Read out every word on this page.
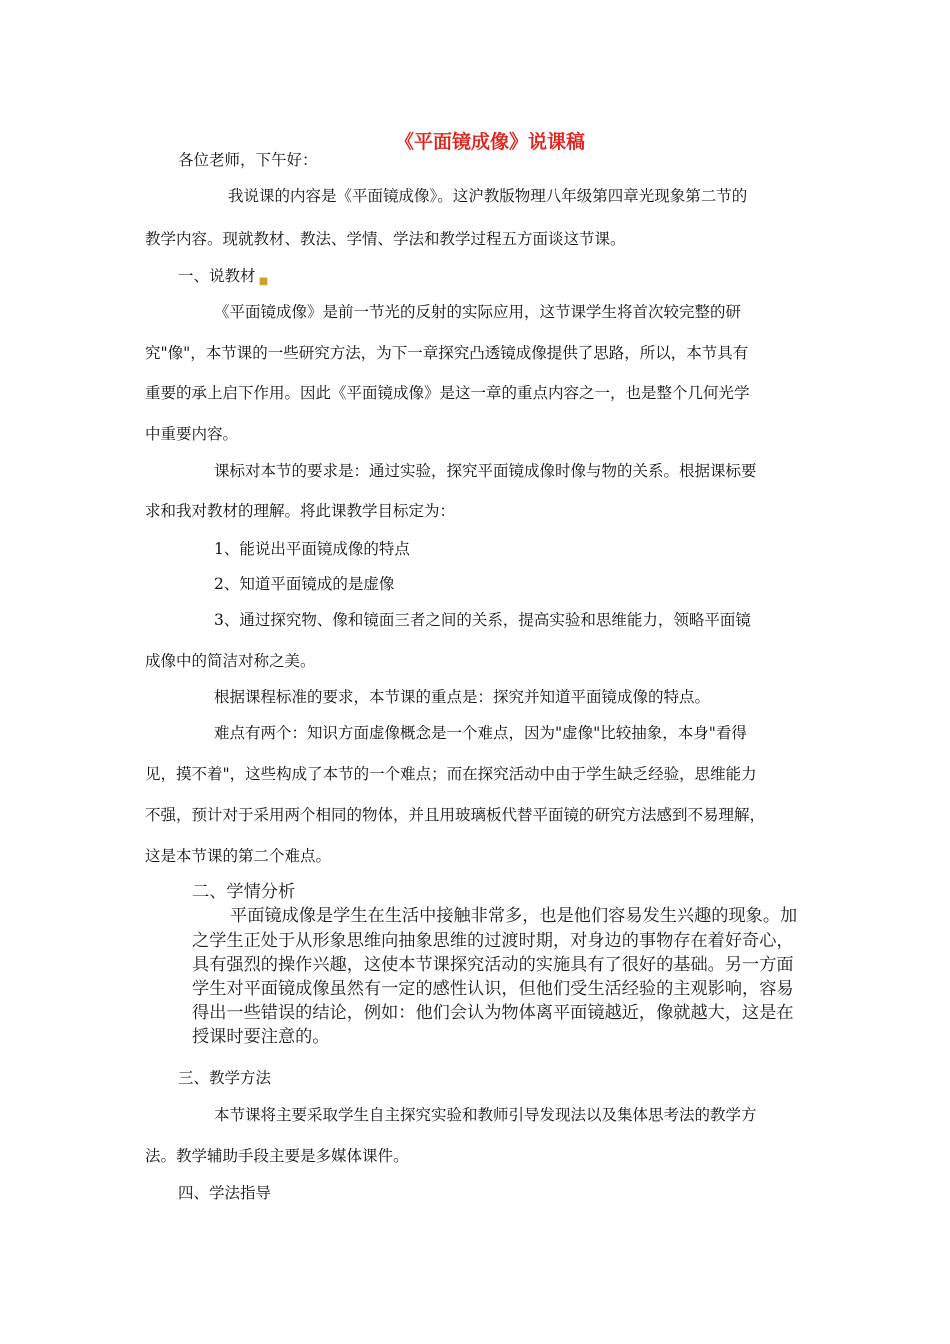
《平面镜成像》说课稿
各位老师，下午好：
我说课的内容是《平面镜成像》。这沪教版物理八年级第四章光现象第二节的
教学内容。现就教材、教法、学情、学法和教学过程五方面谈这节课。
一、说教材 ■
《平面镜成像》是前一节光的反射的实际应用，这节课学生将首次较完整的研
究"像"，本节课的一些研究方法，为下一章探究凸透镜成像提供了思路，所以，本节具有
重要的承上启下作用。因此《平面镜成像》是这一章的重点内容之一，也是整个几何光学
中重要内容。
课标对本节的要求是：通过实验，探究平面镜成像时像与物的关系。根据课标要
求和我对教材的理解。将此课教学目标定为：
1、能说出平面镜成像的特点
2、知道平面镜成的是虚像
3、通过探究物、像和镜面三者之间的关系，提高实验和思维能力，领略平面镜
成像中的简洁对称之美。
根据课程标准的要求，本节课的重点是：探究并知道平面镜成像的特点。
难点有两个：知识方面虚像概念是一个难点，因为"虚像"比较抽象，本身"看得
见，摸不着"，这些构成了本节的一个难点；而在探究活动中由于学生缺乏经验，思维能力
不强，预计对于采用两个相同的物体，并且用玻璃板代替平面镜的研究方法感到不易理解，
这是本节课的第二个难点。
二、学情分析
平面镜成像是学生在生活中接触非常多，也是他们容易发生兴趣的现象。加
之学生正处于从形象思维向抽象思维的过渡时期，对身边的事物存在着好奇心，
具有强烈的操作兴趣，这使本节课探究活动的实施具有了很好的基础。另一方面
学生对平面镜成像虽然有一定的感性认识，但他们受生活经验的主观影响，容易
得出一些错误的结论，例如：他们会认为物体离平面镜越近，像就越大，这是在
授课时要注意的。
三、教学方法
本节课将主要采取学生自主探究实验和教师引导发现法以及集体思考法的教学方
法。教学辅助手段主要是多媒体课件。
四、学法指导
